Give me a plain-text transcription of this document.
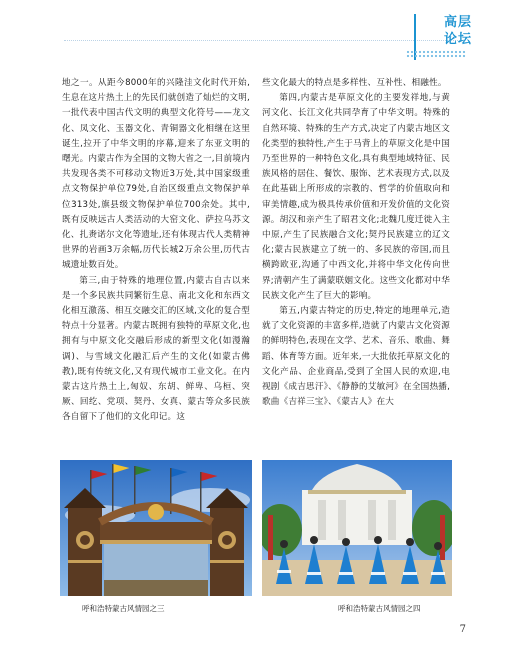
高层
论坛

地之一。从距今8000年的兴隆洼文化时代开始,生息在这片热土上的先民们就创造了灿烂的文明,一批代表中国古代文明的典型文化符号——龙文化、凤文化、玉器文化、青铜器文化相继在这里诞生,拉开了中华文明的序幕,迎来了东亚文明的曙光。内蒙古作为全国的文物大省之一,目前境内共发现各类不可移动文物近3万处,其中国家级重点文物保护单位79处,自治区级重点文物保护单位313处,旗县级文物保护单位700余处。其中,既有反映远古人类活动的大窑文化、萨拉乌苏文化、扎赉诺尔文化等遗址,还有体现古代人类精神世界的岩画3万余幅,历代长城2万余公里,历代古城遗址数百处。

第三,由于特殊的地理位置,内蒙古自古以来是一个多民族共同繁衍生息、南北文化和东西文化相互激荡、相互交融交汇的区域,文化的复合型特点十分显著。内蒙古既拥有独特的草原文化,也拥有与中原文化交融后形成的新型文化(如漫瀚调)、与雪域文化融汇后产生的文化(如蒙古佛教),既有传统文化,又有现代城市工业文化。在内蒙古这片热土上,匈奴、东胡、鲜卑、乌桓、突厥、回纥、党项、契丹、女真、蒙古等众多民族各自留下了他们的文化印记。这

些文化最大的特点是多样性、互补性、相融性。

第四,内蒙古是草原文化的主要发祥地,与黄河文化、长江文化共同孕育了中华文明。特殊的自然环境、特殊的生产方式,决定了内蒙古地区文化类型的独特性,产生于马背上的草原文化是中国乃至世界的一种特色文化,具有典型地域特征、民族风格的居住、餐饮、服饰、艺术表现方式,以及在此基础上所形成的宗教的、哲学的价值取向和审美情趣,成为极具传承价值和开发价值的文化资源。胡汉和亲产生了昭君文化;北魏几度迁徙入主中原,产生了民族融合文化;契丹民族建立的辽文化;蒙古民族建立了统一的、多民族的帝国,而且横跨欧亚,沟通了中西文化,并将中华文化传向世界;清朝产生了满蒙联姻文化。这些文化都对中华民族文化产生了巨大的影响。

第五,内蒙古特定的历史,特定的地理单元,造就了文化资源的丰富多样,造就了内蒙古文化资源的鲜明特色,表现在文学、艺术、音乐、歌曲、舞蹈、体育等方面。近年来,一大批依托草原文化的文化产品、企业商品,受到了全国人民的欢迎,电视剧《成吉思汗》、《静静的艾敏河》在全国热播,歌曲《吉祥三宝》、《蒙古人》在大

呼和浩特蒙古风情园之三	呼和浩特蒙古风情园之四
7
